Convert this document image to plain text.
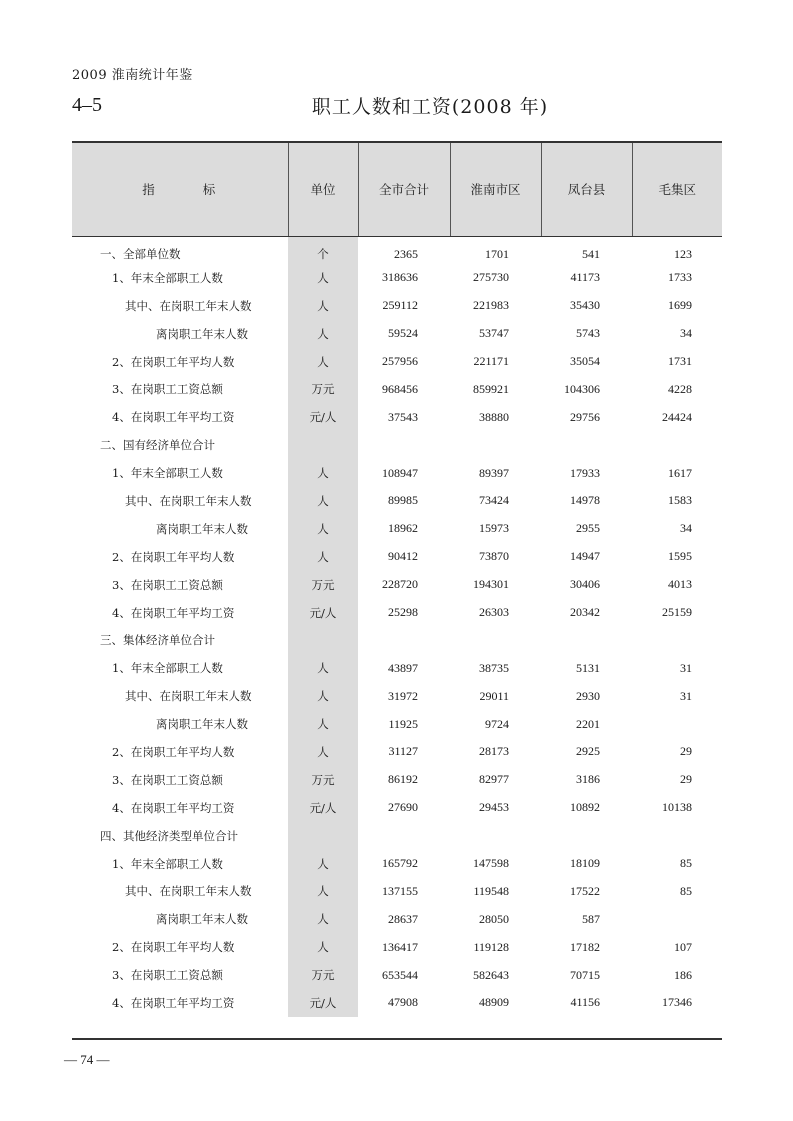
2009 淮南统计年鉴
4–5	职工人数和工资(2008 年)
指 标	单位	全市合计	淮南市区	凤台县	毛集区
一、全部单位数	个	2365	1701	541	123
1、年末全部职工人数	人	318636	275730	41173	1733
其中、在岗职工年末人数	人	259112	221983	35430	1699
离岗职工年末人数	人	59524	53747	5743	34
2、在岗职工年平均人数	人	257956	221171	35054	1731
3、在岗职工工资总额	万元	968456	859921	104306	4228
4、在岗职工年平均工资	元/人	37543	38880	29756	24424
二、国有经济单位合计					
1、年末全部职工人数	人	108947	89397	17933	1617
其中、在岗职工年末人数	人	89985	73424	14978	1583
离岗职工年末人数	人	18962	15973	2955	34
2、在岗职工年平均人数	人	90412	73870	14947	1595
3、在岗职工工资总额	万元	228720	194301	30406	4013
4、在岗职工年平均工资	元/人	25298	26303	20342	25159
三、集体经济单位合计					
1、年末全部职工人数	人	43897	38735	5131	31
其中、在岗职工年末人数	人	31972	29011	2930	31
离岗职工年末人数	人	11925	9724	2201	
2、在岗职工年平均人数	人	31127	28173	2925	29
3、在岗职工工资总额	万元	86192	82977	3186	29
4、在岗职工年平均工资	元/人	27690	29453	10892	10138
四、其他经济类型单位合计					
1、年末全部职工人数	人	165792	147598	18109	85
其中、在岗职工年末人数	人	137155	119548	17522	85
离岗职工年末人数	人	28637	28050	587	
2、在岗职工年平均人数	人	136417	119128	17182	107
3、在岗职工工资总额	万元	653544	582643	70715	186
4、在岗职工年平均工资	元/人	47908	48909	41156	17346
— 74 —
